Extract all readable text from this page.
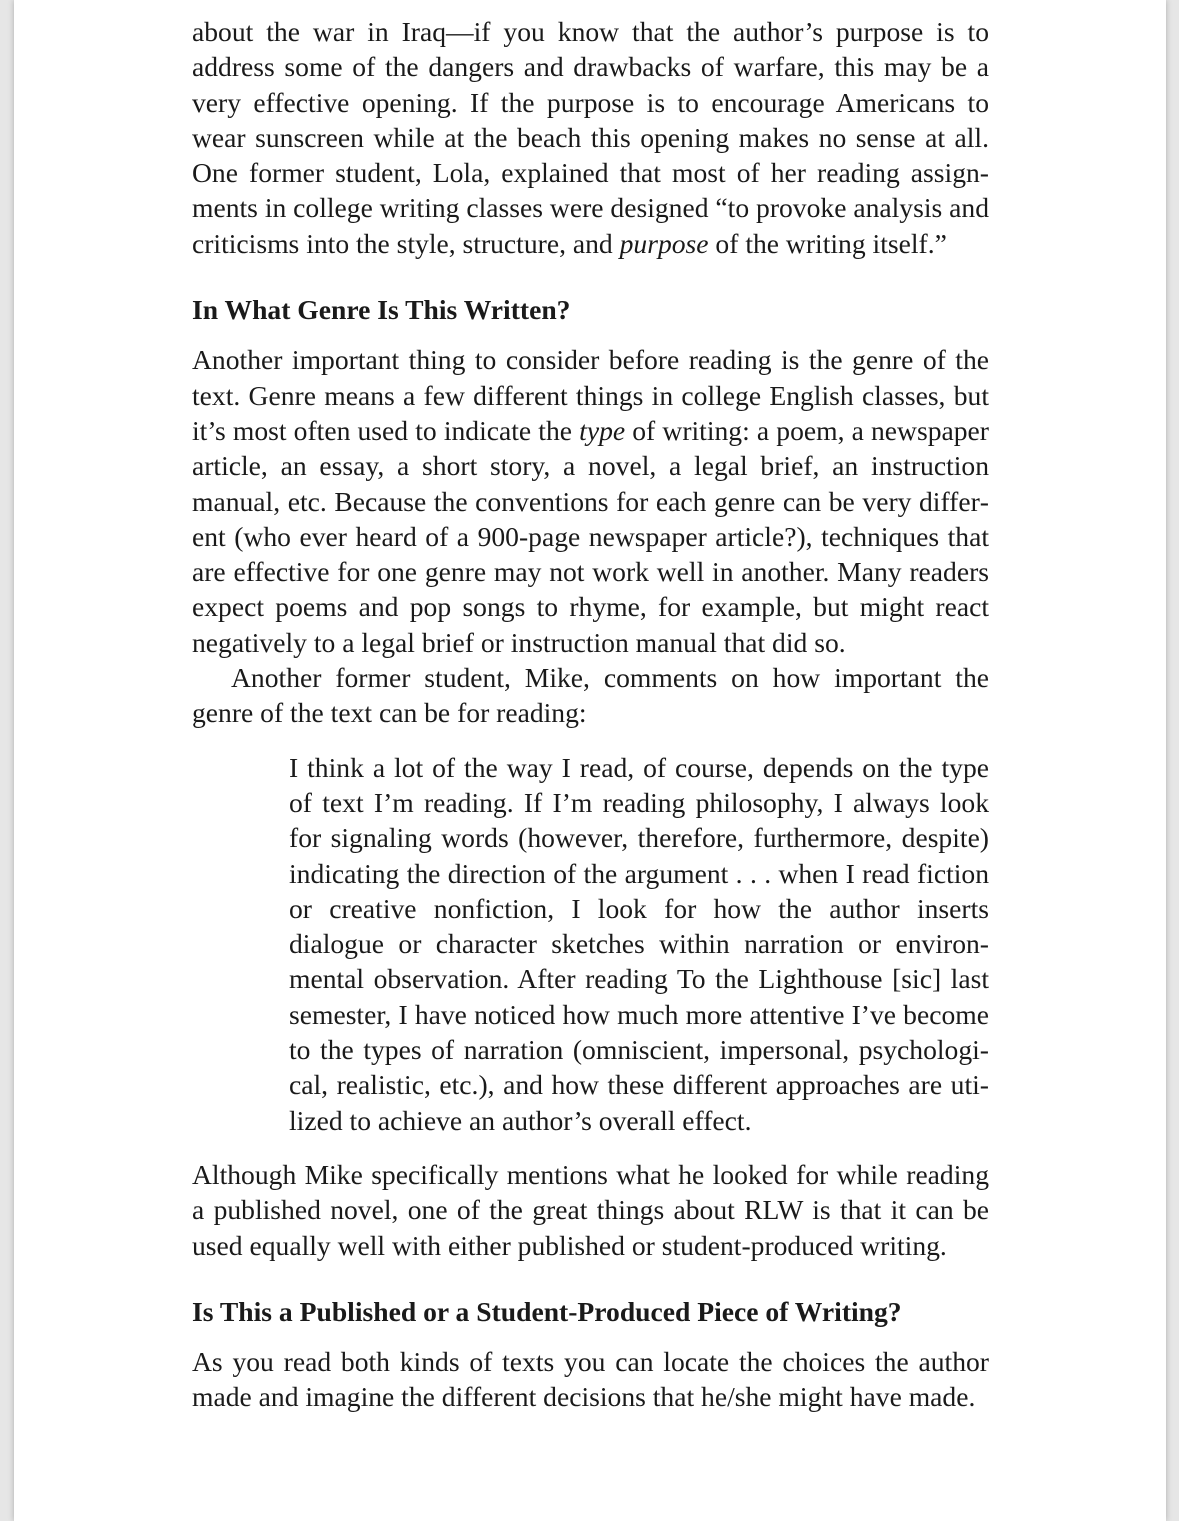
about the war in Iraq—if you know that the author’s purpose is to address some of the dangers and drawbacks of warfare, this may be a very effective opening. If the purpose is to encourage Americans to wear sunscreen while at the beach this opening makes no sense at all. One former student, Lola, explained that most of her reading assignments in college writing classes were designed “to provoke analysis and criticisms into the style, structure, and purpose of the writing itself.”

In What Genre Is This Written?

Another important thing to consider before reading is the genre of the text. Genre means a few different things in college English classes, but it’s most often used to indicate the type of writing: a poem, a newspaper article, an essay, a short story, a novel, a legal brief, an instruction manual, etc. Because the conventions for each genre can be very different (who ever heard of a 900-page newspaper article?), techniques that are effective for one genre may not work well in another. Many readers expect poems and pop songs to rhyme, for example, but might react negatively to a legal brief or instruction manual that did so.

Another former student, Mike, comments on how important the genre of the text can be for reading:

I think a lot of the way I read, of course, depends on the type of text I’m reading. If I’m reading philosophy, I always look for signaling words (however, therefore, furthermore, despite) indicating the direction of the argument . . . when I read fiction or creative nonfiction, I look for how the author inserts dialogue or character sketches within narration or environmental observation. After reading To the Lighthouse [sic] last semester, I have noticed how much more attentive I’ve become to the types of narration (omniscient, impersonal, psychological, realistic, etc.), and how these different approaches are utilized to achieve an author’s overall effect.

Although Mike specifically mentions what he looked for while reading a published novel, one of the great things about RLW is that it can be used equally well with either published or student-produced writing.

Is This a Published or a Student-Produced Piece of Writing?

As you read both kinds of texts you can locate the choices the author made and imagine the different decisions that he/she might have made.
